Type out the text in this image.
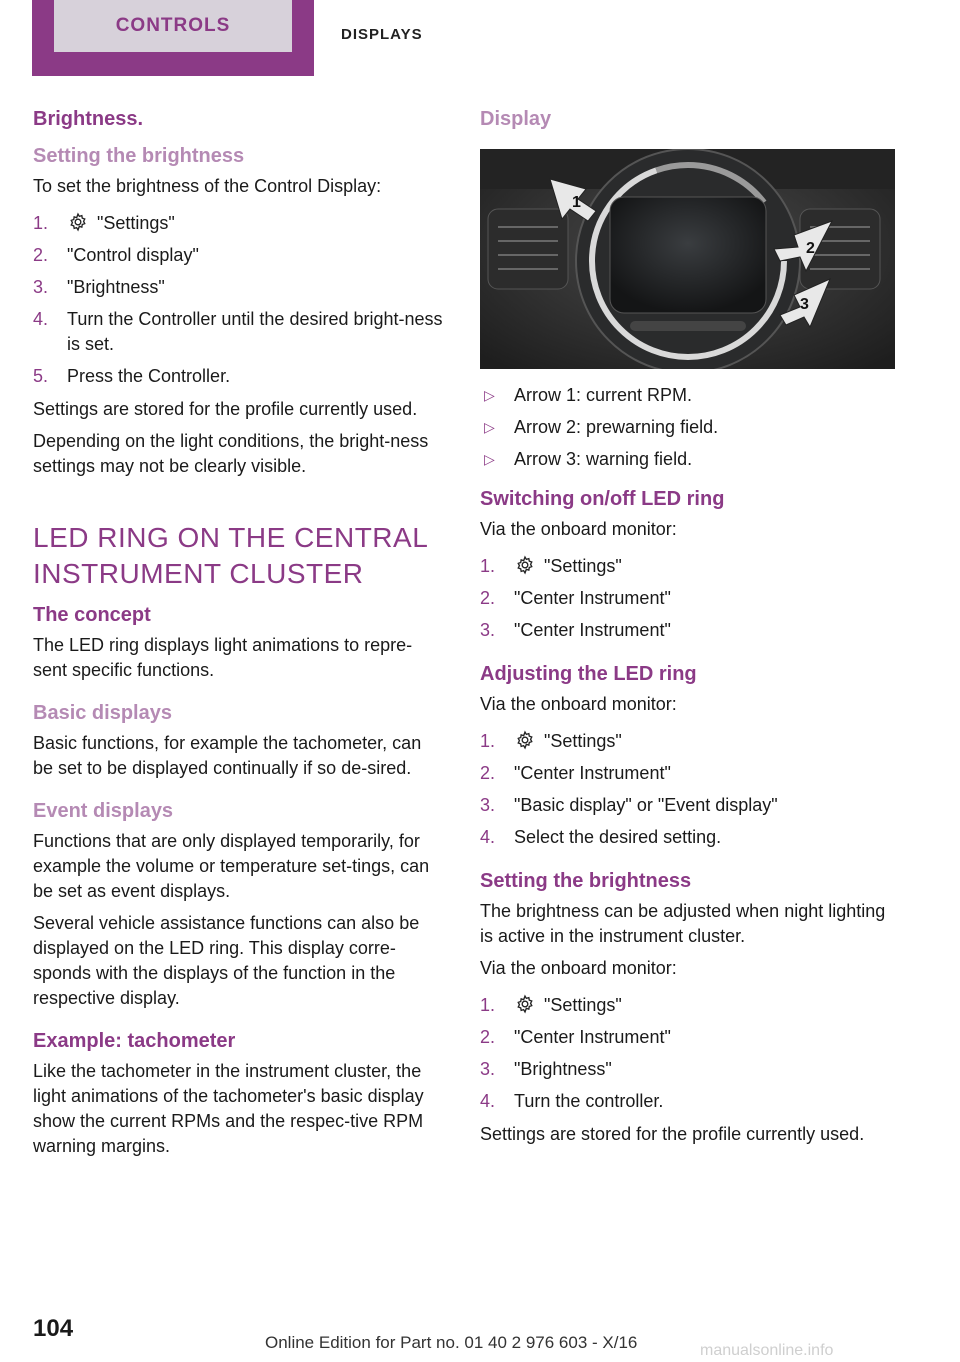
CONTROLS	DISPLAYS
Brightness.
Setting the brightness

To set the brightness of the Control Display:

1.	"Settings"
2.	"Control display"
3.	"Brightness"
4.	Turn the Controller until the desired bright‐ness is set.
5.	Press the Controller.

Settings are stored for the profile currently used.

Depending on the light conditions, the bright‐ness settings may not be clearly visible.

LED RING ON THE CENTRAL INSTRUMENT CLUSTER
The concept

The LED ring displays light animations to repre‐sent specific functions.

Basic displays

Basic functions, for example the tachometer, can be set to be displayed continually if so de‐sired.

Event displays

Functions that are only displayed temporarily, for example the volume or temperature set‐tings, can be set as event displays.

Several vehicle assistance functions can also be displayed on the LED ring. This display corre‐sponds with the displays of the function in the respective display.

Example: tachometer

Like the tachometer in the instrument cluster, the light animations of the tachometer's basic display show the current RPMs and the respec‐tive RPM warning margins.

Display
1
2
3
▷	Arrow 1: current RPM.
▷	Arrow 2: prewarning field.
▷	Arrow 3: warning field.
Switching on/off LED ring

Via the onboard monitor:

1.	"Settings"
2.	"Center Instrument"
3.	"Center Instrument"
Adjusting the LED ring

Via the onboard monitor:

1.	"Settings"
2.	"Center Instrument"
3.	"Basic display" or "Event display"
4.	Select the desired setting.
Setting the brightness

The brightness can be adjusted when night lighting is active in the instrument cluster.

Via the onboard monitor:

1.	"Settings"
2.	"Center Instrument"
3.	"Brightness"
4.	Turn the controller.

Settings are stored for the profile currently used.

104
Online Edition for Part no. 01 40 2 976 603 - X/16	manualsonline.info
